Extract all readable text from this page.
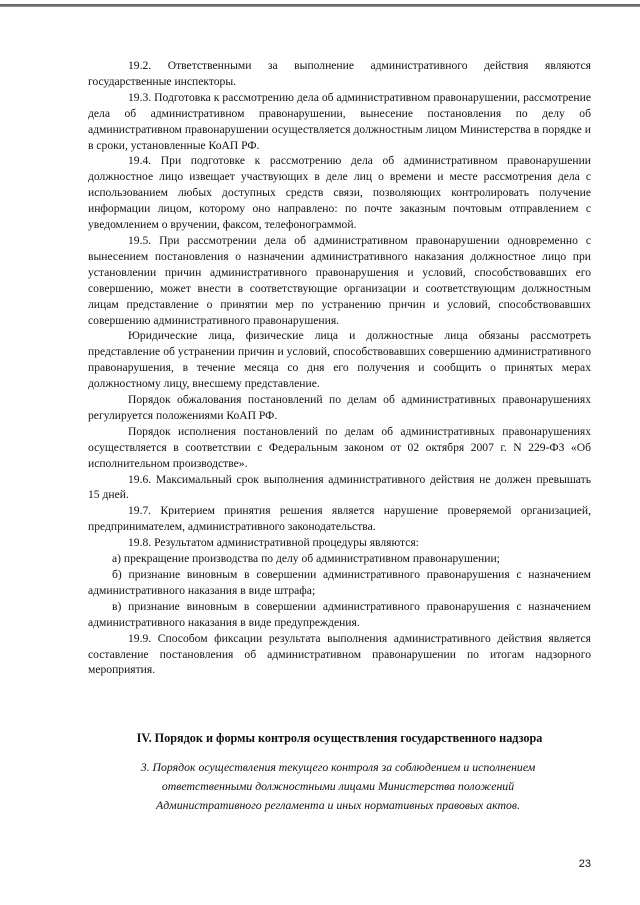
19.2. Ответственными за выполнение административного действия являются государственные инспекторы.

19.3. Подготовка к рассмотрению дела об административном правонарушении, рассмотрение дела об административном правонарушении, вынесение постановления по делу об административном правонарушении осуществляется должностным лицом Министерства в порядке и в сроки, установленные КоАП РФ.

19.4. При подготовке к рассмотрению дела об административном правонарушении должностное лицо извещает участвующих в деле лиц о времени и месте рассмотрения дела с использованием любых доступных средств связи, позволяющих контролировать получение информации лицом, которому оно направлено: по почте заказным почтовым отправлением с уведомлением о вручении, факсом, телефонограммой.

19.5. При рассмотрении дела об административном правонарушении одновременно с вынесением постановления о назначении административного наказания должностное лицо при установлении причин административного правонарушения и условий, способствовавших его совершению, может внести в соответствующие организации и соответствующим должностным лицам представление о принятии мер по устранению причин и условий, способствовавших совершению административного правонарушения.

Юридические лица, физические лица и должностные лица обязаны рассмотреть представление об устранении причин и условий, способствовавших совершению административного правонарушения, в течение месяца со дня его получения и сообщить о принятых мерах должностному лицу, внесшему представление.

Порядок обжалования постановлений по делам об административных правонарушениях регулируется положениями КоАП РФ.

Порядок исполнения постановлений по делам об административных правонарушениях осуществляется в соответствии с Федеральным законом от 02 октября 2007 г. N 229-ФЗ «Об исполнительном производстве».

19.6. Максимальный срок выполнения административного действия не должен превышать 15 дней.

19.7. Критерием принятия решения является нарушение проверяемой организацией, предпринимателем, административного законодательства.

19.8. Результатом административной процедуры являются:

а) прекращение производства по делу об административном правонарушении;

б) признание виновным в совершении административного правонарушения с назначением административного наказания в виде штрафа;

в) признание виновным в совершении административного правонарушения с назначением административного наказания в виде предупреждения.

19.9. Способом фиксации результата выполнения административного действия является составление постановления об административном правонарушении по итогам надзорного мероприятия.

IV. Порядок и формы контроля осуществления государственного надзора
3. Порядок осуществления текущего контроля за соблюдением и исполнением ответственными должностными лицами Министерства положений Административного регламента и иных нормативных правовых актов.
23
